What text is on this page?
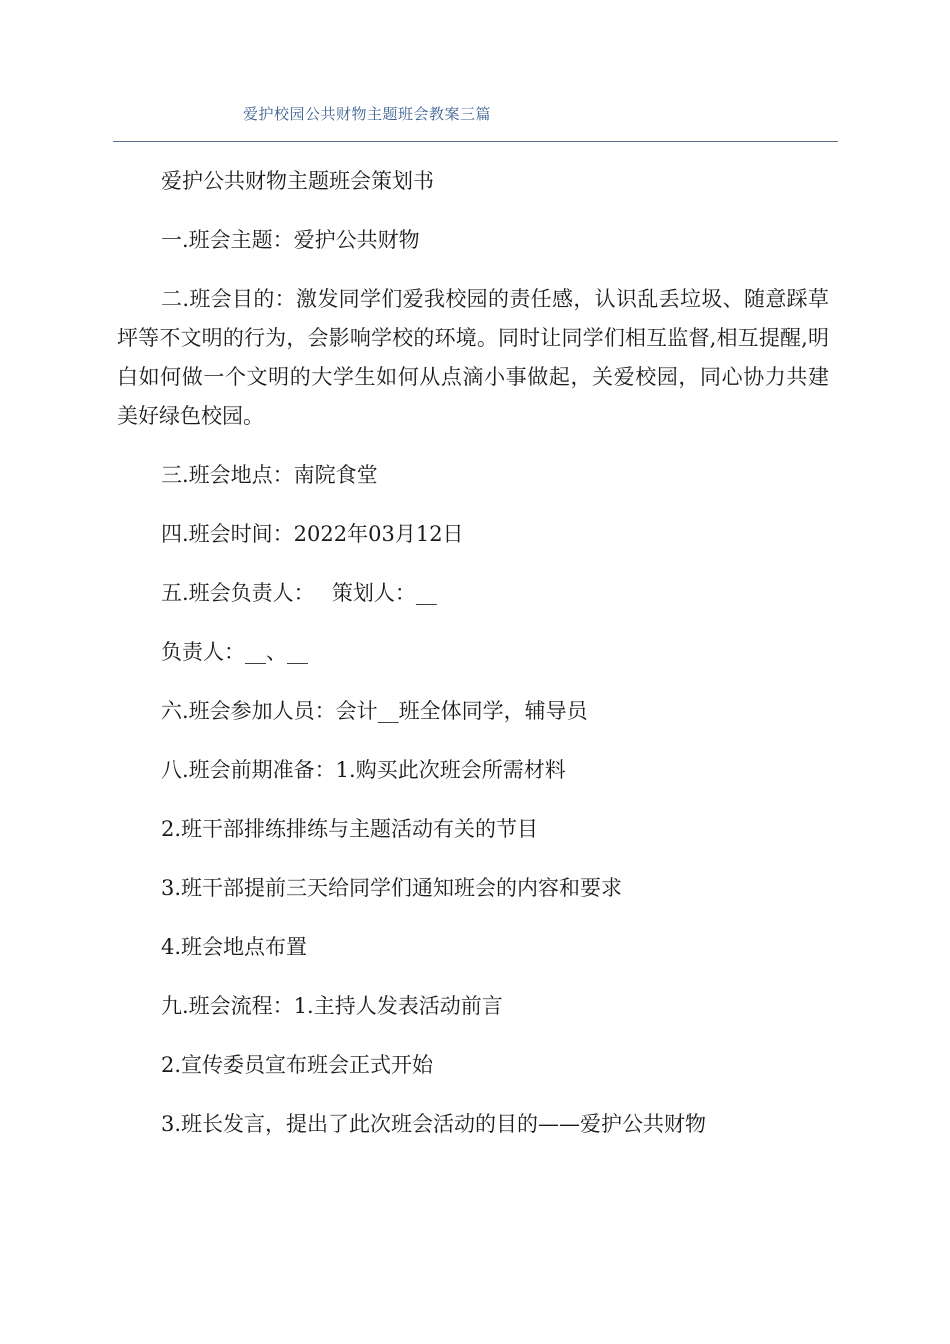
爱护校园公共财物主题班会教案三篇

爱护公共财物主题班会策划书

一.班会主题：爱护公共财物

二.班会目的：激发同学们爱我校园的责任感，认识乱丢垃圾、随意踩草坪等不文明的行为，会影响学校的环境。同时让同学们相互监督,相互提醒,明白如何做一个文明的大学生如何从点滴小事做起，关爱校园，同心协力共建美好绿色校园。

三.班会地点：南院食堂

四.班会时间：2022年03月12日

五.班会负责人：　 策划人：__

负责人：__、__

六.班会参加人员：会计__班全体同学，辅导员

八.班会前期准备：1.购买此次班会所需材料

2.班干部排练排练与主题活动有关的节目

3.班干部提前三天给同学们通知班会的内容和要求

4.班会地点布置

九.班会流程：1.主持人发表活动前言

2.宣传委员宣布班会正式开始

3.班长发言，提出了此次班会活动的目的——爱护公共财物
